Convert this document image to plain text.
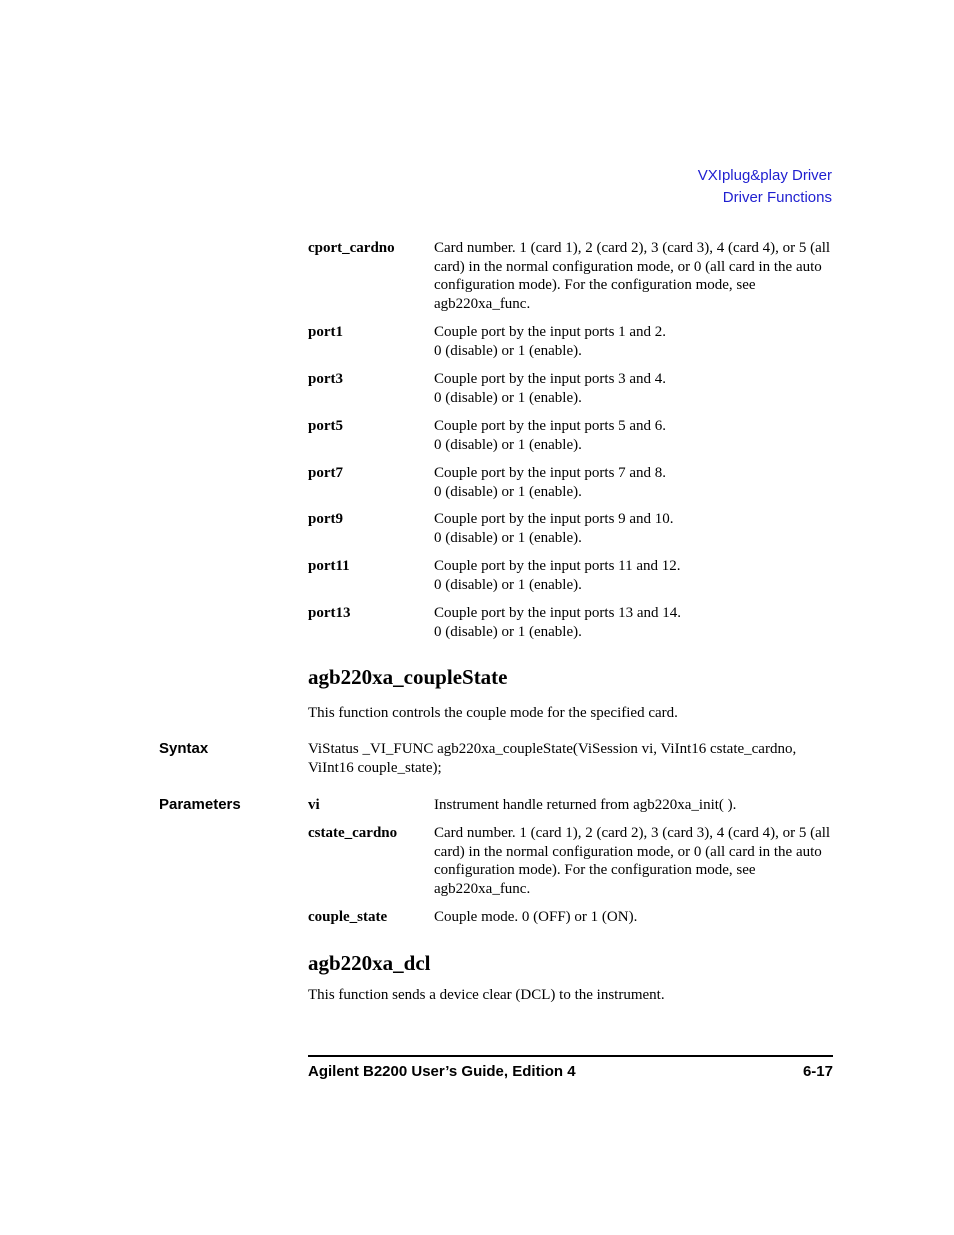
VXIplug&play Driver
Driver Functions
cport_cardno	Card number. 1 (card 1), 2 (card 2), 3 (card 3), 4 (card 4), or 5 (all card) in the normal configuration mode, or 0 (all card in the auto configuration mode). For the configuration mode, see agb220xa_func.
port1	Couple port by the input ports 1 and 2.
0 (disable) or 1 (enable).
port3	Couple port by the input ports 3 and 4.
0 (disable) or 1 (enable).
port5	Couple port by the input ports 5 and 6.
0 (disable) or 1 (enable).
port7	Couple port by the input ports 7 and 8.
0 (disable) or 1 (enable).
port9	Couple port by the input ports 9 and 10.
0 (disable) or 1 (enable).
port11	Couple port by the input ports 11 and 12.
0 (disable) or 1 (enable).
port13	Couple port by the input ports 13 and 14.
0 (disable) or 1 (enable).
agb220xa_coupleState
This function controls the couple mode for the specified card.
Syntax	ViStatus _VI_FUNC agb220xa_coupleState(ViSession vi, ViInt16 cstate_cardno, ViInt16 couple_state);
Parameters	vi	Instrument handle returned from agb220xa_init( ).
cstate_cardno Card number. 1 (card 1), 2 (card 2), 3 (card 3), 4 (card 4), or 5 (all card) in the normal configuration mode, or 0 (all card in the auto configuration mode). For the configuration mode, see agb220xa_func.
couple_state	Couple mode. 0 (OFF) or 1 (ON).
agb220xa_dcl
This function sends a device clear (DCL) to the instrument.
Agilent B2200 User’s Guide, Edition 4	6-17
